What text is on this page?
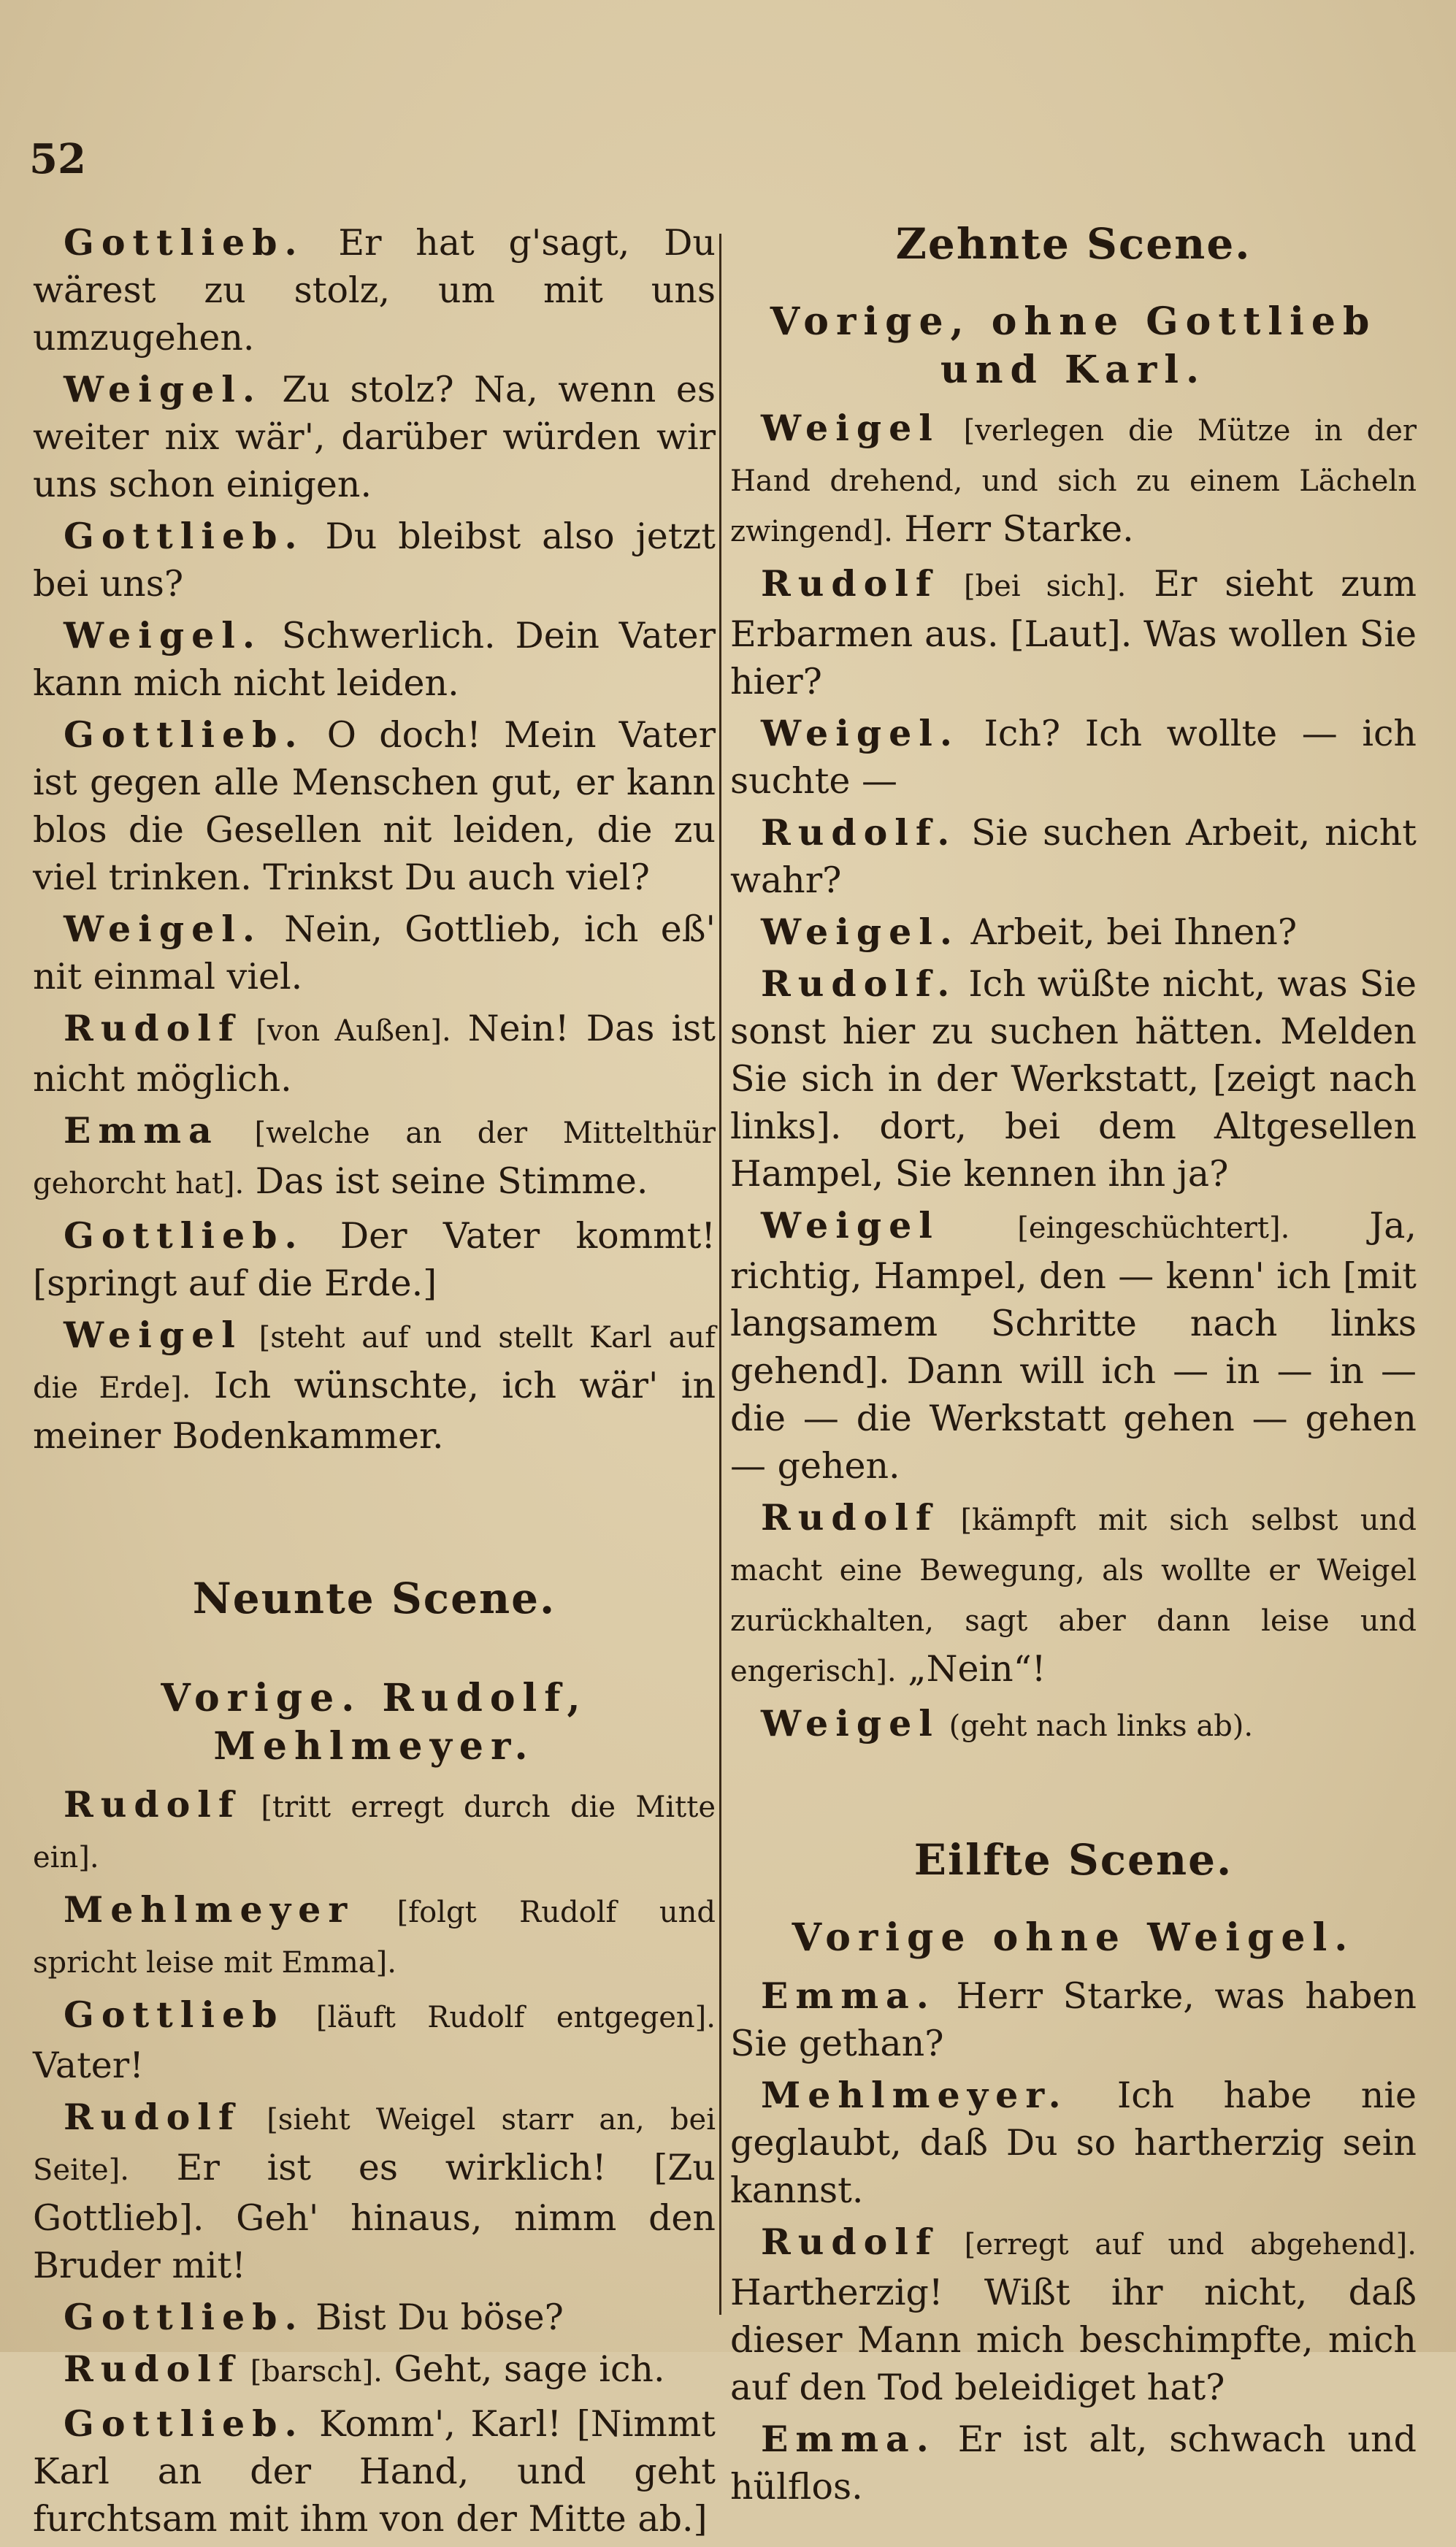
52

Gottlieb. Er hat g'sagt, Du wärest zu stolz, um mit uns umzugehen.

Weigel. Zu stolz? Na, wenn es weiter nix wär', darüber würden wir uns schon einigen.

Gottlieb. Du bleibst also jetzt bei uns?

Weigel. Schwerlich. Dein Vater kann mich nicht leiden.

Gottlieb. O doch! Mein Vater ist gegen alle Menschen gut, er kann blos die Gesellen nit leiden, die zu viel trinken. Trinkst Du auch viel?

Weigel. Nein, Gottlieb, ich eß' nit einmal viel.

Rudolf [von Außen]. Nein! Das ist nicht möglich.

Emma [welche an der Mittelthür gehorcht hat]. Das ist seine Stimme.

Gottlieb. Der Vater kommt! [springt auf die Erde.]

Weigel [steht auf und stellt Karl auf die Erde]. Ich wünschte, ich wär' in meiner Bodenkammer.

Neunte Scene.
Vorige. Rudolf, Mehlmeyer.

Rudolf [tritt erregt durch die Mitte ein].

Mehlmeyer [folgt Rudolf und spricht leise mit Emma].

Gottlieb [läuft Rudolf entgegen]. Vater!

Rudolf [sieht Weigel starr an, bei Seite]. Er ist es wirklich! [Zu Gottlieb]. Geh' hinaus, nimm den Bruder mit!

Gottlieb. Bist Du böse?

Rudolf [barsch]. Geht, sage ich.

Gottlieb. Komm', Karl! [Nimmt Karl an der Hand, und geht furchtsam mit ihm von der Mitte ab.]

Zehnte Scene.
Vorige, ohne Gottlieb und Karl.

Weigel [verlegen die Mütze in der Hand drehend, und sich zu einem Lächeln zwingend]. Herr Starke.

Rudolf [bei sich]. Er sieht zum Erbarmen aus. [Laut]. Was wollen Sie hier?

Weigel. Ich? Ich wollte — ich suchte —

Rudolf. Sie suchen Arbeit, nicht wahr?

Weigel. Arbeit, bei Ihnen?

Rudolf. Ich wüßte nicht, was Sie sonst hier zu suchen hätten. Melden Sie sich in der Werkstatt, [zeigt nach links]. dort, bei dem Altgesellen Hampel, Sie kennen ihn ja?

Weigel [eingeschüchtert]. Ja, richtig, Hampel, den — kenn' ich [mit langsamem Schritte nach links gehend]. Dann will ich — in — in — die — die Werkstatt gehen — gehen — gehen.

Rudolf [kämpft mit sich selbst und macht eine Bewegung, als wollte er Weigel zurückhalten, sagt aber dann leise und engerisch]. „Nein“!

Weigel (geht nach links ab).

Eilfte Scene.
Vorige ohne Weigel.

Emma. Herr Starke, was haben Sie gethan?

Mehlmeyer. Ich habe nie geglaubt, daß Du so hartherzig sein kannst.

Rudolf [erregt auf und abgehend]. Hartherzig! Wißt ihr nicht, daß dieser Mann mich beschimpfte, mich auf den Tod beleidiget hat?

Emma. Er ist alt, schwach und hülflos.
